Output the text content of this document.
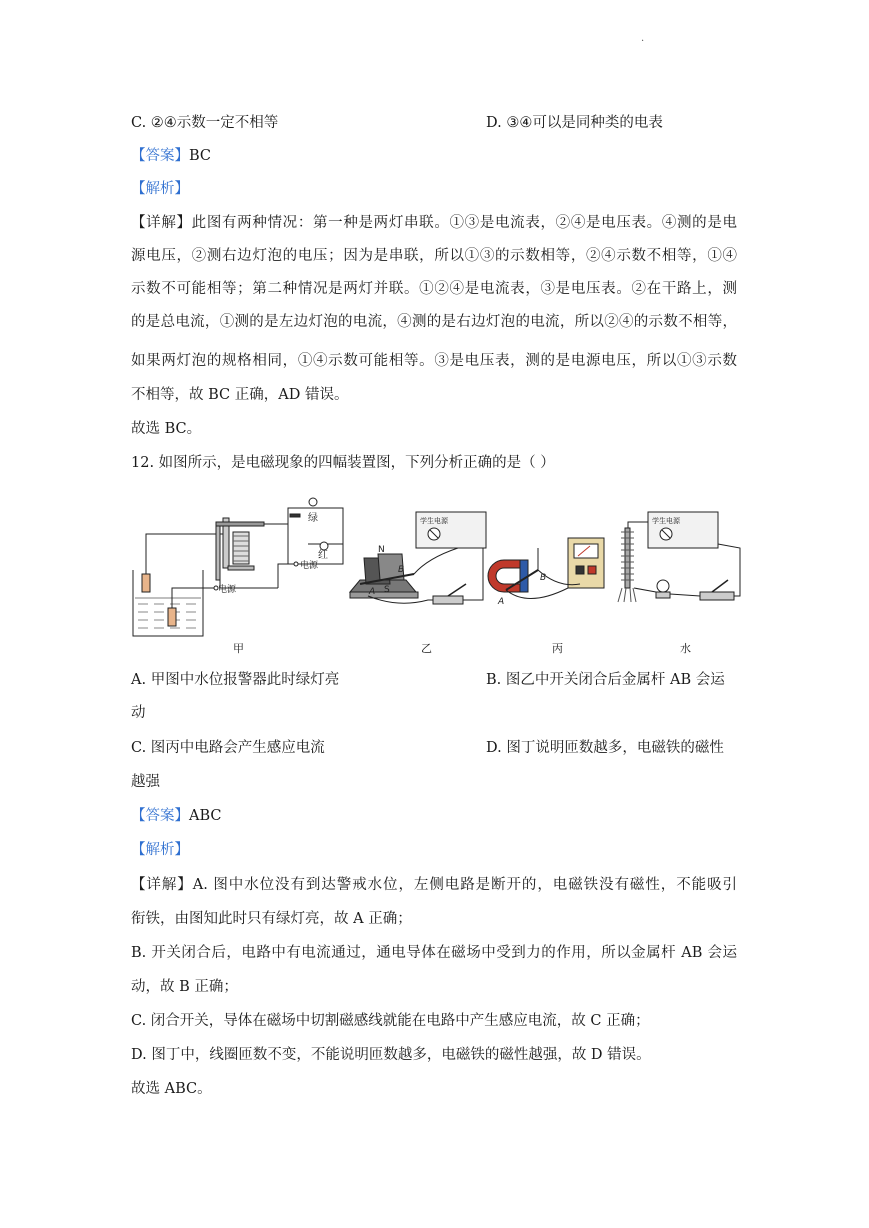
.
C. ②④示数一定不相等	D. ③④可以是同种类的电表
【答案】BC
【解析】
【详解】此图有两种情况：第一种是两灯串联。①③是电流表，②④是电压表。④测的是电
源电压，②测右边灯泡的电压；因为是串联，所以①③的示数相等，②④示数不相等，①④
示数不可能相等；第二种情况是两灯并联。①②④是电流表，③是电压表。②在干路上，测
的是总电流，①测的是左边灯泡的电流，④测的是右边灯泡的电流，所以②④的示数不相等，
如果两灯泡的规格相同，①④示数可能相等。③是电压表，测的是电源电压，所以①③示数
不相等，故 BC 正确，AD 错误。
故选 BC。
12. 如图所示，是电磁现象的四幅装置图，下列分析正确的是（ ）
绿
红
电源
电源
学生电源	学生电源
N
S
A
B
A
B
甲	乙	丙	水
A. 甲图中水位报警器此时绿灯亮	B. 图乙中开关闭合后金属杆 AB 会运
动
C. 图丙中电路会产生感应电流	D. 图丁说明匝数越多，电磁铁的磁性
越强
【答案】ABC
【解析】
【详解】A. 图中水位没有到达警戒水位，左侧电路是断开的，电磁铁没有磁性，不能吸引
衔铁，由图知此时只有绿灯亮，故 A 正确；
B. 开关闭合后，电路中有电流通过，通电导体在磁场中受到力的作用，所以金属杆 AB 会运
动，故 B 正确；
C. 闭合开关，导体在磁场中切割磁感线就能在电路中产生感应电流，故 C 正确；
D. 图丁中，线圈匝数不变，不能说明匝数越多，电磁铁的磁性越强，故 D 错误。
故选 ABC。
